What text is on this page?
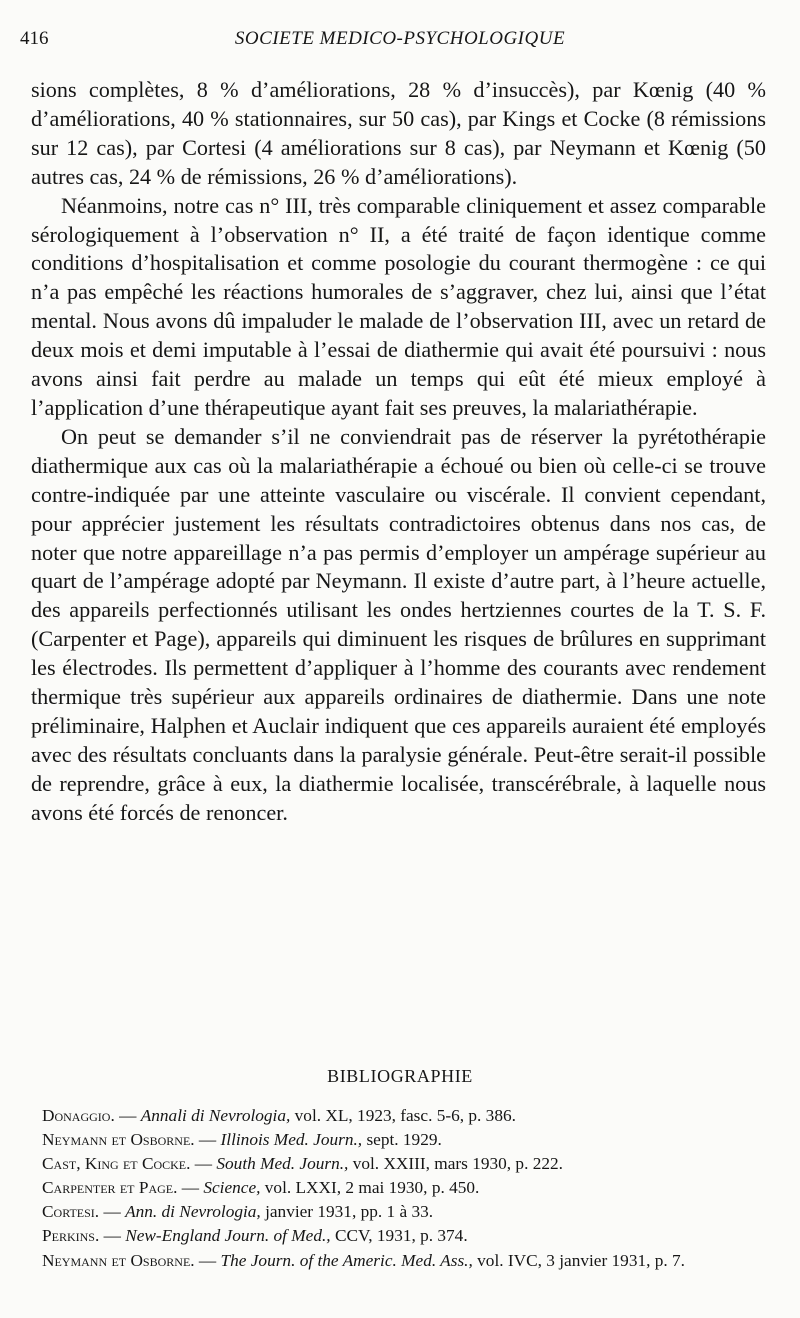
416	SOCIETE MEDICO-PSYCHOLOGIQUE

sions complètes, 8 % d’améliorations, 28 % d’insuccès), par Kœnig (40 % d’améliorations, 40 % stationnaires, sur 50 cas), par Kings et Cocke (8 rémissions sur 12 cas), par Cortesi (4 améliorations sur 8 cas), par Neymann et Kœnig (50 autres cas, 24 % de rémissions, 26 % d’améliorations).

Néanmoins, notre cas n° III, très comparable cliniquement et assez comparable sérologiquement à l’observation n° II, a été traité de façon identique comme conditions d’hospitalisation et comme posologie du courant thermogène : ce qui n’a pas empêché les réactions humorales de s’aggraver, chez lui, ainsi que l’état mental. Nous avons dû impaluder le malade de l’observation III, avec un retard de deux mois et demi imputable à l’essai de diathermie qui avait été poursuivi : nous avons ainsi fait perdre au malade un temps qui eût été mieux employé à l’application d’une thérapeutique ayant fait ses preuves, la malariathérapie.

On peut se demander s’il ne conviendrait pas de réserver la pyrétothérapie diathermique aux cas où la malariathérapie a échoué ou bien où celle-ci se trouve contre-indiquée par une atteinte vasculaire ou viscérale. Il convient cependant, pour apprécier justement les résultats contradictoires obtenus dans nos cas, de noter que notre appareillage n’a pas permis d’employer un ampérage supérieur au quart de l’ampérage adopté par Neymann. Il existe d’autre part, à l’heure actuelle, des appareils perfectionnés utilisant les ondes hertziennes courtes de la T. S. F. (Carpenter et Page), appareils qui diminuent les risques de brûlures en supprimant les électrodes. Ils permettent d’appliquer à l’homme des courants avec rendement thermique très supérieur aux appareils ordinaires de diathermie. Dans une note préliminaire, Halphen et Auclair indiquent que ces appareils auraient été employés avec des résultats concluants dans la paralysie générale. Peut-être serait-il possible de reprendre, grâce à eux, la diathermie localisée, transcérébrale, à laquelle nous avons été forcés de renoncer.

BIBLIOGRAPHIE
Donaggio. — Annali di Nevrologia, vol. XL, 1923, fasc. 5-6, p. 386.
Neymann et Osborne. — Illinois Med. Journ., sept. 1929.
Cast, King et Cocke. — South Med. Journ., vol. XXIII, mars 1930, p. 222.
Carpenter et Page. — Science, vol. LXXI, 2 mai 1930, p. 450.
Cortesi. — Ann. di Nevrologia, janvier 1931, pp. 1 à 33.
Perkins. — New-England Journ. of Med., CCV, 1931, p. 374.
Neymann et Osborne. — The Journ. of the Americ. Med. Ass., vol. IVC, 3 janvier 1931, p. 7.
